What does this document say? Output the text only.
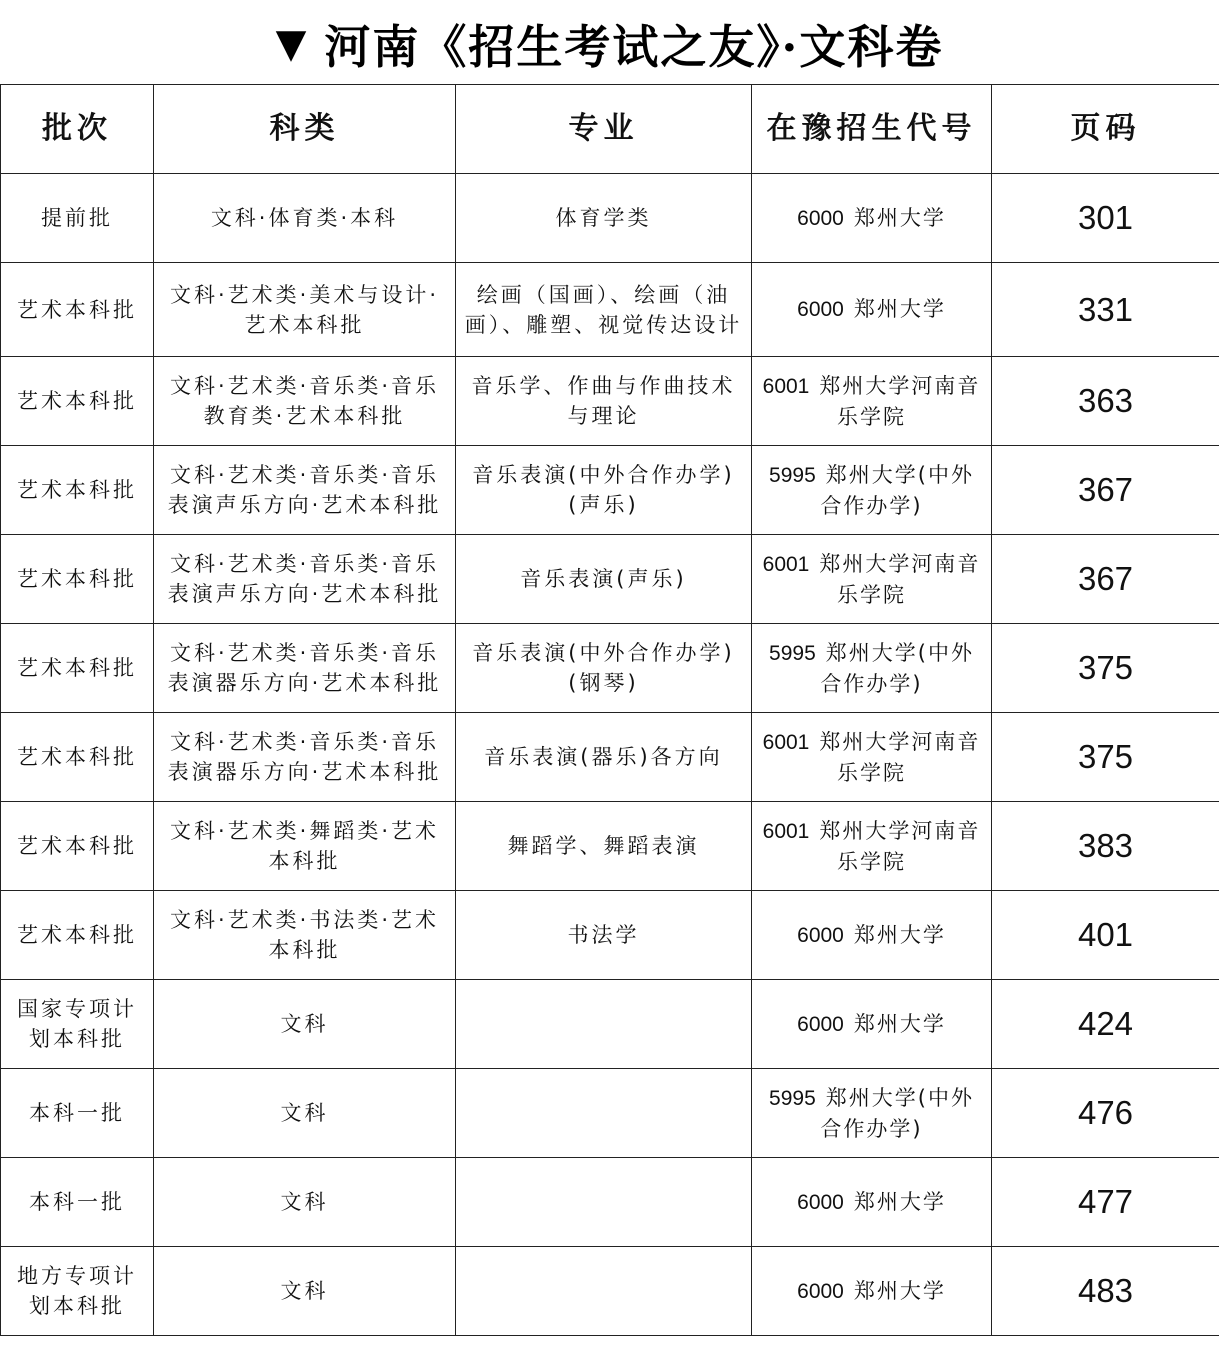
▼ 河南《招生考试之友》·文科卷
批次	科类	专业	在豫招生代号	页码
提前批	文科·体育类·本科	体育学类	6000 郑州大学	301
艺术本科批	文科·艺术类·美术与设计·艺术本科批	绘画（国画）、绘画（油画）、雕塑、视觉传达设计	6000 郑州大学	331
艺术本科批	文科·艺术类·音乐类·音乐教育类·艺术本科批	音乐学、作曲与作曲技术与理论	6001 郑州大学河南音乐学院	363
艺术本科批	文科·艺术类·音乐类·音乐表演声乐方向·艺术本科批	音乐表演(中外合作办学)(声乐)	5995 郑州大学(中外合作办学)	367
艺术本科批	文科·艺术类·音乐类·音乐表演声乐方向·艺术本科批	音乐表演(声乐)	6001 郑州大学河南音乐学院	367
艺术本科批	文科·艺术类·音乐类·音乐表演器乐方向·艺术本科批	音乐表演(中外合作办学)(钢琴)	5995 郑州大学(中外合作办学)	375
艺术本科批	文科·艺术类·音乐类·音乐表演器乐方向·艺术本科批	音乐表演(器乐)各方向	6001 郑州大学河南音乐学院	375
艺术本科批	文科·艺术类·舞蹈类·艺术本科批	舞蹈学、舞蹈表演	6001 郑州大学河南音乐学院	383
艺术本科批	文科·艺术类·书法类·艺术本科批	书法学	6000 郑州大学	401
国家专项计划本科批	文科		6000 郑州大学	424
本科一批	文科		5995 郑州大学(中外合作办学)	476
本科一批	文科		6000 郑州大学	477
地方专项计划本科批	文科		6000 郑州大学	483
